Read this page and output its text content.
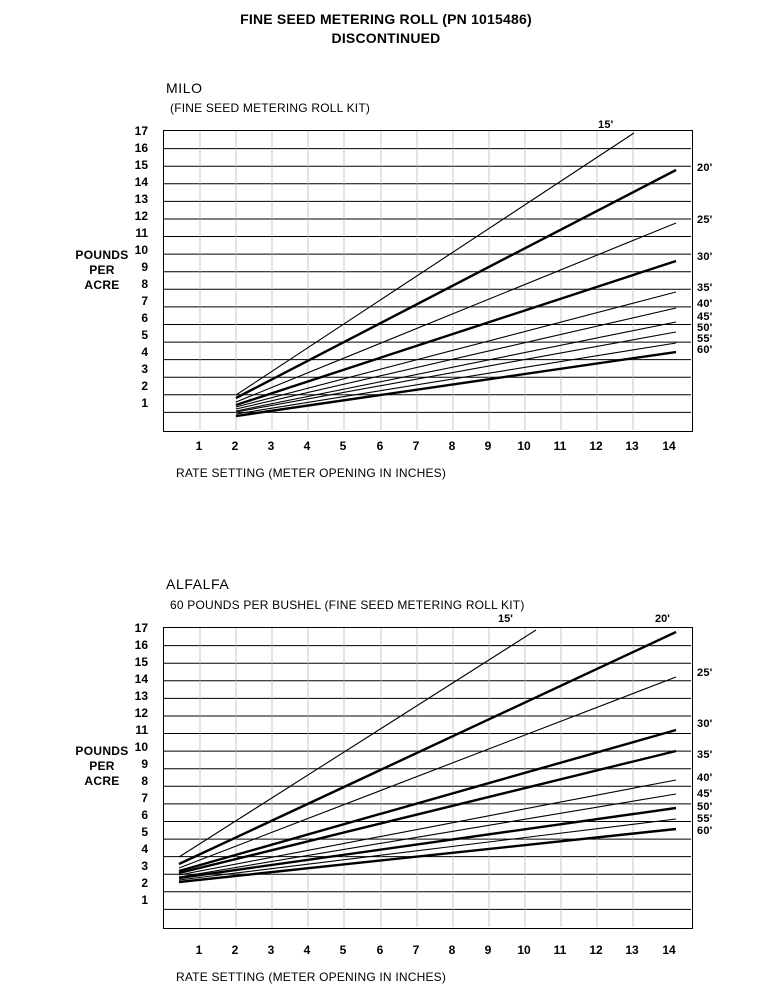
FINE SEED METERING ROLL (PN 1015486)
DISCONTINUED
MILO
(FINE SEED METERING ROLL KIT)
POUNDS
PER
ACRE
17
16
15
14
13
12
11
10
9
8
7
6
5
4
3
2
1
15'
20'
25'
30'
35'
40'
45'
50'
55'
60'
1	2	3	4	5	6	7	8	9	10 11 12 13 14
RATE SETTING (METER OPENING IN INCHES)
ALFALFA
60 POUNDS PER BUSHEL (FINE SEED METERING ROLL KIT)
POUNDS
PER
ACRE
17
16
15
14
13
12
11
10
9
8
7
6
5
4
3
2
1
15'	20'
25'
30'
35'
40'
45'
50'
55'
60'
1	2	3	4	5	6	7	8	9	10 11 12 13 14
RATE SETTING (METER OPENING IN INCHES)
